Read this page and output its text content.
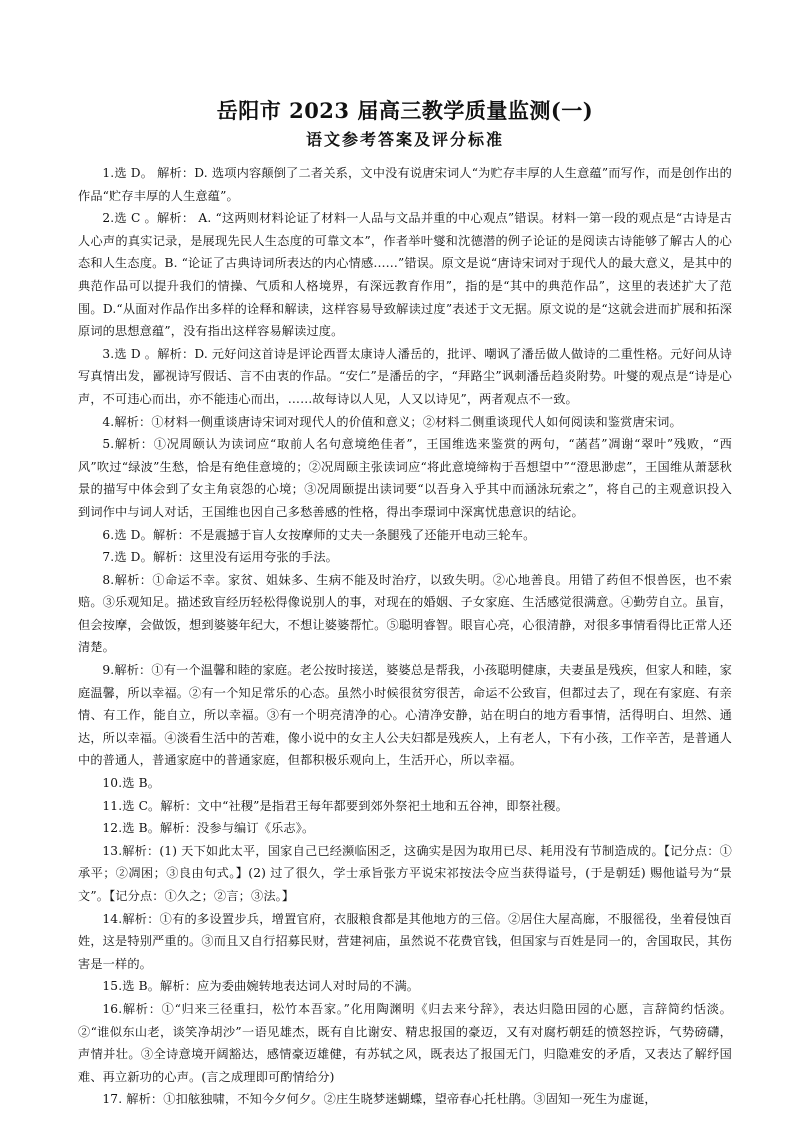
岳阳市 2023 届高三教学质量监测(一)
语文参考答案及评分标准

1.选 D。 解析：D. 选项内容颠倒了二者关系，文中没有说唐宋词人“为贮存丰厚的人生意蕴”而写作，而是创作出的作品“贮存丰厚的人生意蕴”。

2.选 C 。解析： A. “这两则材料论证了材料一人品与文品并重的中心观点”错误。材料一第一段的观点是“古诗是古人心声的真实记录，是展现先民人生态度的可靠文本”，作者举叶燮和沈德潜的例子论证的是阅读古诗能够了解古人的心态和人生态度。B. “论证了古典诗词所表达的内心情感……”错误。原文是说“唐诗宋词对于现代人的最大意义，是其中的典范作品可以提升我们的情操、气质和人格境界，有深远教育作用”，指的是“其中的典范作品”，这里的表述扩大了范围。D.“从面对作品作出多样的诠释和解读，这样容易导致解读过度”表述于文无据。原文说的是“这就会进而扩展和拓深原词的思想意蕴”，没有指出这样容易解读过度。

3.选 D 。解析：D. 元好问这首诗是评论西晋太康诗人潘岳的，批评、嘲讽了潘岳做人做诗的二重性格。元好问从诗写真情出发，鄙视诗写假话、言不由衷的作品。“安仁”是潘岳的字，“拜路尘”讽刺潘岳趋炎附势。叶燮的观点是“诗是心声，不可违心而出，亦不能违心而出，……故每诗以人见，人又以诗见”，两者观点不一致。

4.解析：①材料一侧重谈唐诗宋词对现代人的价值和意义；②材料二侧重谈现代人如何阅读和鉴赏唐宋词。

5.解析：①况周颐认为读词应“取前人名句意境绝佳者”，王国维选来鉴赏的两句，“菡萏”凋谢“翠叶”残败，“西风”吹过“绿波”生愁，恰是有绝佳意境的；②况周颐主张读词应“将此意境缔构于吾想望中”“澄思渺虑”，王国维从萧瑟秋景的描写中体会到了女主角哀怨的心境；③况周颐提出读词要“以吾身入乎其中而涵泳玩索之”，将自己的主观意识投入到词作中与词人对话，王国维也因自己多愁善感的性格，得出李璟词中深寓忧患意识的结论。

6.选 D。解析：不是震撼于盲人女按摩师的丈夫一条腿残了还能开电动三轮车。

7.选 D。解析：这里没有运用夸张的手法。

8.解析：①命运不幸。家贫、姐妹多、生病不能及时治疗，以致失明。②心地善良。用错了药但不恨兽医，也不索赔。③乐观知足。描述致盲经历轻松得像说别人的事，对现在的婚姻、子女家庭、生活感觉很满意。④勤劳自立。虽盲，但会按摩，会做饭，想到婆婆年纪大，不想让婆婆帮忙。⑤聪明睿智。眼盲心亮，心很清静，对很多事情看得比正常人还清楚。

9.解析：①有一个温馨和睦的家庭。老公按时接送，婆婆总是帮我，小孩聪明健康，夫妻虽是残疾，但家人和睦，家庭温馨，所以幸福。②有一个知足常乐的心态。虽然小时候很贫穷很苦，命运不公致盲，但都过去了，现在有家庭、有亲情、有工作，能自立，所以幸福。③有一个明亮清净的心。心清净安静，站在明白的地方看事情，活得明白、坦然、通达，所以幸福。④淡看生活中的苦难，像小说中的女主人公夫妇都是残疾人，上有老人，下有小孩，工作辛苦，是普通人中的普通人，普通家庭中的普通家庭，但都积极乐观向上，生活开心，所以幸福。

10.选 B。

11.选 C。解析：文中“社稷”是指君王每年都要到郊外祭祀土地和五谷神，即祭社稷。

12.选 B。解析：没参与编订《乐志》。

13.解析：(1) 天下如此太平，国家自己已经濒临困乏，这确实是因为取用已尽、耗用没有节制造成的。【记分点：①承平；②凋困；③良由句式。】(2) 过了很久，学士承旨张方平说宋祁按法令应当获得谥号，(于是朝廷) 赐他谥号为“景文”。【记分点：①久之；②言；③法。】

14.解析：①有的多设置步兵，增置官府，衣服粮食都是其他地方的三倍。②居住大屋高廊，不服徭役，坐着侵蚀百姓，这是特别严重的。③而且又自行招募民财，营建祠庙，虽然说不花费官钱，但国家与百姓是同一的，舍国取民，其伤害是一样的。

15.选 B。解析：应为委曲婉转地表达词人对时局的不满。

16.解析：①“归来三径重扫，松竹本吾家。”化用陶渊明《归去来兮辞》，表达归隐田园的心愿，言辞简约恬淡。②“谁似东山老，谈笑净胡沙”一语见雄杰，既有自比谢安、精忠报国的豪迈，又有对腐朽朝廷的愤怒控诉，气势磅礴，声情并壮。③全诗意境开阔豁达，感情豪迈雄健，有苏轼之风，既表达了报国无门，归隐难安的矛盾，又表达了解纾国难、再立新功的心声。(言之成理即可酌情给分)

17. 解析：①扣舷独啸，不知今夕何夕。②庄生晓梦迷蝴蝶，望帝春心托杜鹃。③固知一死生为虚诞，
